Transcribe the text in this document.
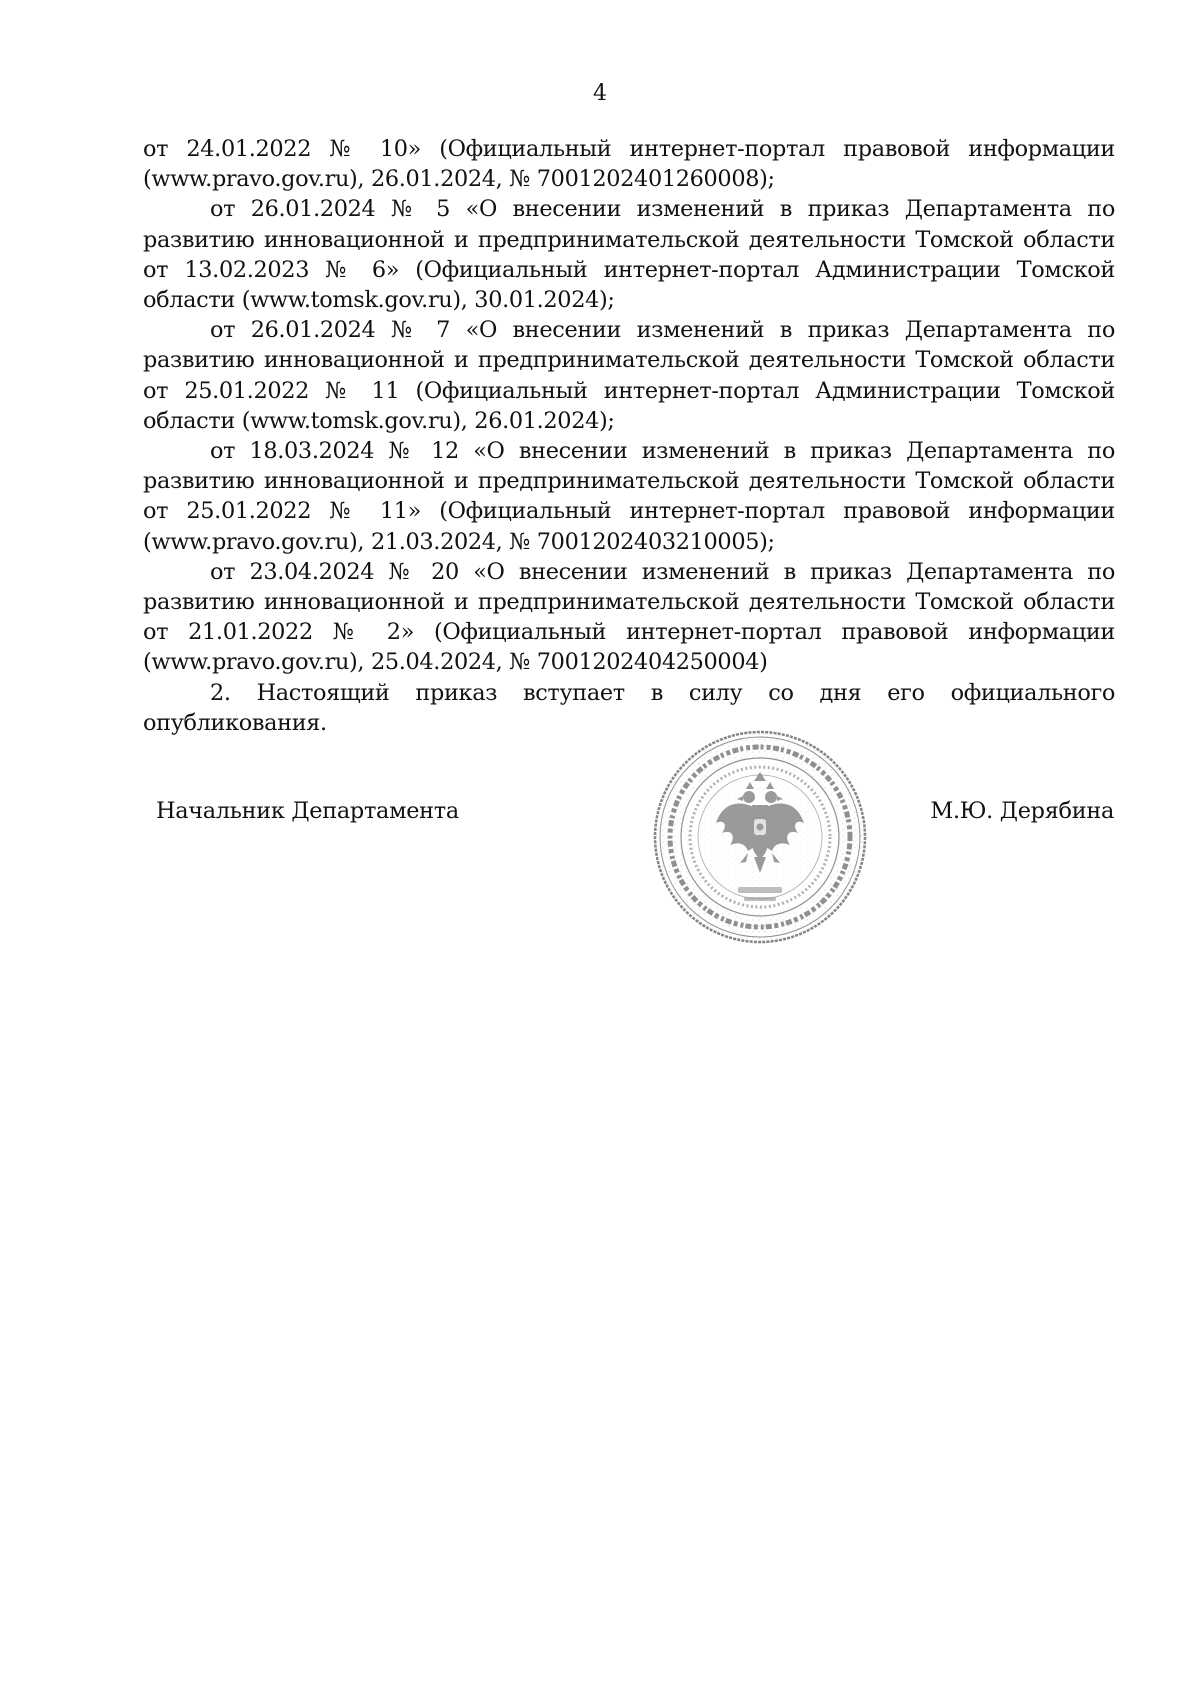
4

от 24.01.2022 № 10» (Официальный интернет-портал правовой информации (www.pravo.gov.ru), 26.01.2024, № 7001202401260008);

от 26.01.2024 № 5 «О внесении изменений в приказ Департамента по развитию инновационной и предпринимательской деятельности Томской области от 13.02.2023 № 6» (Официальный интернет-портал Администрации Томской области (www.tomsk.gov.ru), 30.01.2024);

от 26.01.2024 № 7 «О внесении изменений в приказ Департамента по развитию инновационной и предпринимательской деятельности Томской области от 25.01.2022 № 11 (Официальный интернет-портал Администрации Томской области (www.tomsk.gov.ru), 26.01.2024);

от 18.03.2024 № 12 «О внесении изменений в приказ Департамента по развитию инновационной и предпринимательской деятельности Томской области от 25.01.2022 № 11» (Официальный интернет-портал правовой информации (www.pravo.gov.ru), 21.03.2024, № 7001202403210005);

от 23.04.2024 № 20 «О внесении изменений в приказ Департамента по развитию инновационной и предпринимательской деятельности Томской области от 21.01.2022 № 2» (Официальный интернет-портал правовой информации (www.pravo.gov.ru), 25.04.2024, № 7001202404250004)

2. Настоящий приказ вступает в силу со дня его официального опубликования.

Начальник Департамента	М.Ю. Дерябина
